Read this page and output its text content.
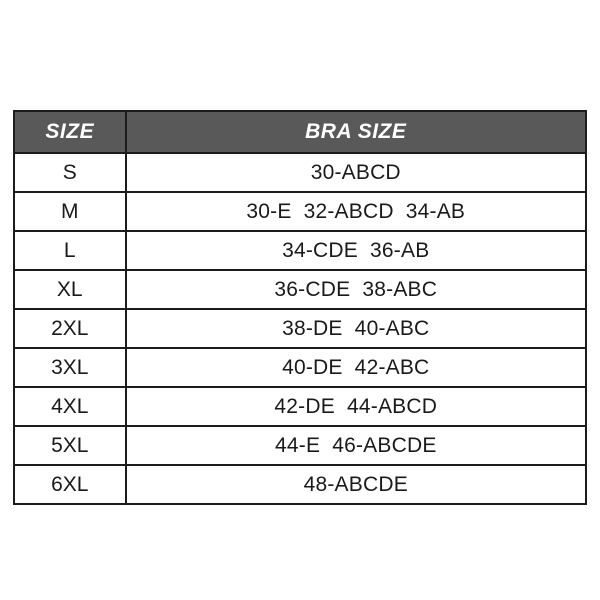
SIZE	BRA SIZE
S	30-ABCD
M	30-E  32-ABCD  34-AB
L	34-CDE  36-AB
XL	36-CDE  38-ABC
2XL	38-DE  40-ABC
3XL	40-DE  42-ABC
4XL	42-DE  44-ABCD
5XL	44-E  46-ABCDE
6XL	48-ABCDE
